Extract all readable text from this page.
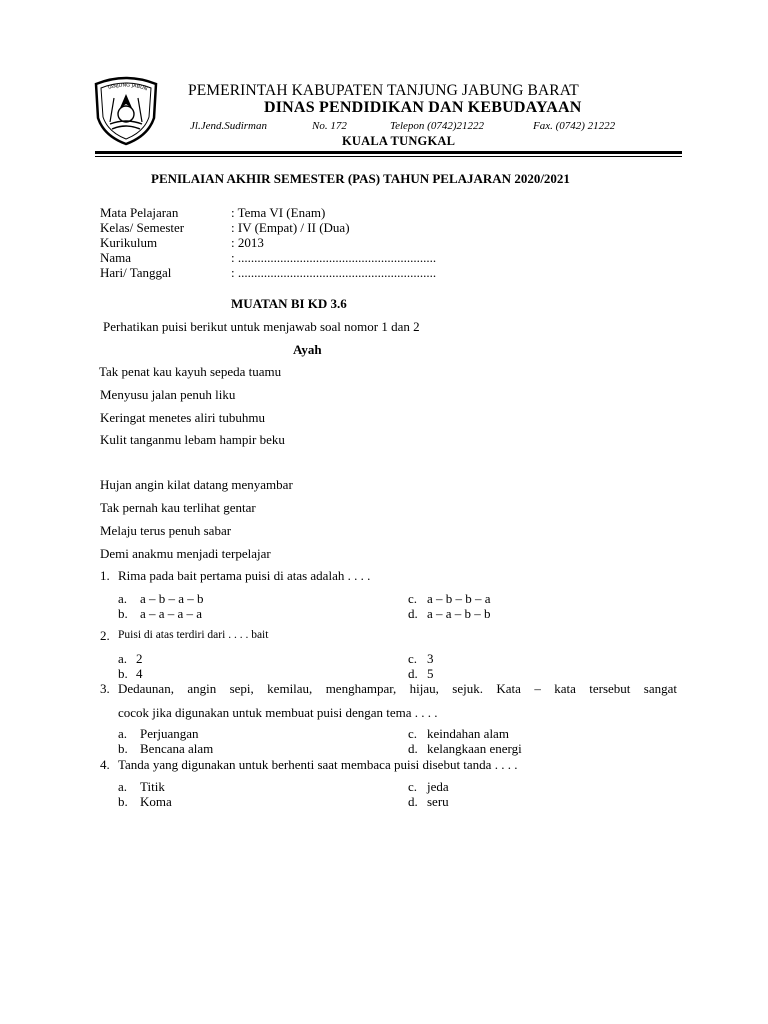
TANJUNG JABUN	PEMERINTAH KABUPATEN TANJUNG JABUNG BARAT
DINAS PENDIDIKAN DAN KEBUDAYAAN
Jl.Jend.Sudirman	No. 172	Telepon (0742)21222	Fax. (0742) 21222
KUALA TUNGKAL
PENILAIAN AKHIR SEMESTER (PAS) TAHUN PELAJARAN 2020/2021
Mata Pelajaran	: Tema VI (Enam)
Kelas/ Semester	: IV (Empat) / II (Dua)
Kurikulum	: 2013
Nama	: .............................................................
Hari/ Tanggal	: .............................................................
MUATAN BI KD 3.6
Perhatikan puisi berikut untuk menjawab soal nomor 1 dan 2
Ayah
Tak penat kau kayuh sepeda tuamu
Menyusu jalan penuh liku
Keringat menetes aliri tubuhmu
Kulit tanganmu lebam hampir beku
Hujan angin kilat datang menyambar
Tak pernah kau terlihat gentar
Melaju terus penuh sabar
Demi anakmu menjadi terpelajar
1. Rima pada bait pertama puisi di atas adalah . . . .
a. a – b – a – b	c. a – b – b – a
b. a – a – a – a	d. a – a – b – b
2. Puisi di atas terdiri dari . . . . bait
a. 2	c. 3
b. 4	d. 5
3. Dedaunan, angin sepi, kemilau, menghampar, hijau, sejuk. Kata – kata tersebut sangat
cocok jika digunakan untuk membuat puisi dengan tema . . . .
a. Perjuangan	c. keindahan alam
b. Bencana alam	d. kelangkaan energi
4. Tanda yang digunakan untuk berhenti saat membaca puisi disebut tanda . . . .
a. Titik	c. jeda
b. Koma	d. seru
